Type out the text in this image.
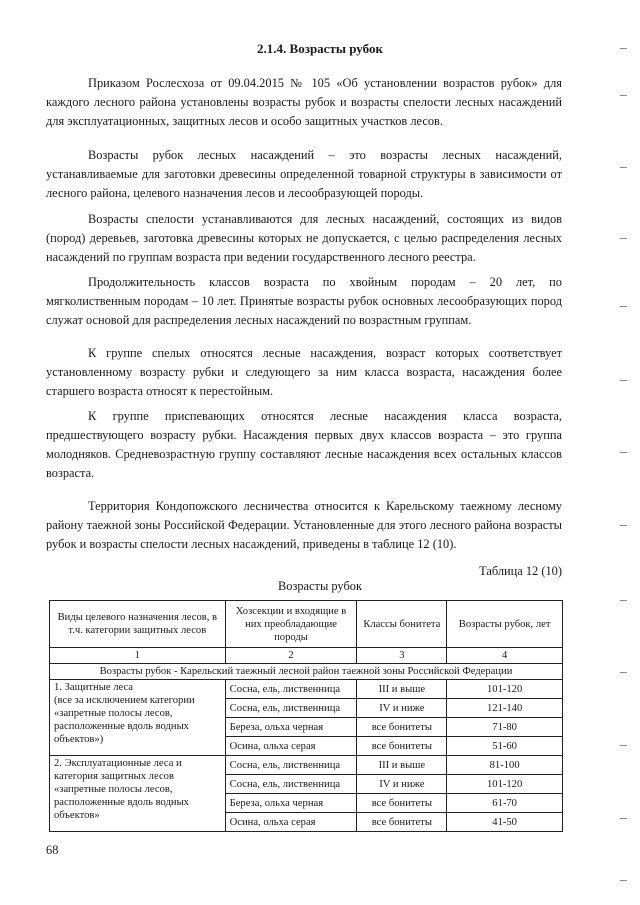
2.1.4. Возрасты рубок

Приказом Рослесхоза от 09.04.2015 № 105 «Об установлении возрастов рубок» для каждого лесного района установлены возрасты рубок и возрасты спелости лесных насаждений для эксплуатационных, защитных лесов и особо защитных участков лесов.

Возрасты рубок лесных насаждений – это возрасты лесных насаждений, устанавливаемые для заготовки древесины определенной товарной структуры в зависимости от лесного района, целевого назначения лесов и лесообразующей породы.

Возрасты спелости устанавливаются для лесных насаждений, состоящих из видов (пород) деревьев, заготовка древесины которых не допускается, с целью распределения лесных насаждений по группам возраста при ведении государственного лесного реестра.

Продолжительность классов возраста по хвойным породам – 20 лет, по мягколиственным породам – 10 лет. Принятые возрасты рубок основных лесообразующих пород служат основой для распределения лесных насаждений по возрастным группам.

К группе спелых относятся лесные насаждения, возраст которых соответствует установленному возрасту рубки и следующего за ним класса возраста, насаждения более старшего возраста относят к перестойным.

К группе приспевающих относятся лесные насаждения класса возраста, предшествующего возрасту рубки. Насаждения первых двух классов возраста – это группа молодняков. Средневозрастную группу составляют лесные насаждения всех остальных классов возраста.

Территория Кондопожского лесничества относится к Карельскому таежному лесному району таежной зоны Российской Федерации. Установленные для этого лесного района возрасты рубок и возрасты спелости лесных насаждений, приведены в таблице 12 (10).

Таблица 12 (10)
Возрасты рубок
Виды целевого назначения лесов, в т.ч. категории защитных лесов	Хозсекции и входящие в них преобладающие породы	Классы бонитета	Возрасты рубок, лет
1	2	3	4
Возрасты рубок - Карельский таежный лесной район таежной зоны Российской Федерации			
1. Защитные леса
(все за исключением категории «запретные полосы лесов, расположенные вдоль водных объектов»)	Сосна, ель, лиственница	III и выше	101-120
	Сосна, ель, лиственница	IV и ниже	121-140
	Береза, ольха черная	все бонитеты	71-80
	Осина, ольха серая	все бонитеты	51-60
2. Эксплуатационные леса и категория защитных лесов «запретные полосы лесов, расположенные вдоль водных объектов»	Сосна, ель, лиственница	III и выше	81-100
	Сосна, ель, лиственница	IV и ниже	101-120
	Береза, ольха черная	все бонитеты	61-70
	Осина, ольха серая	все бонитеты	41-50
68
